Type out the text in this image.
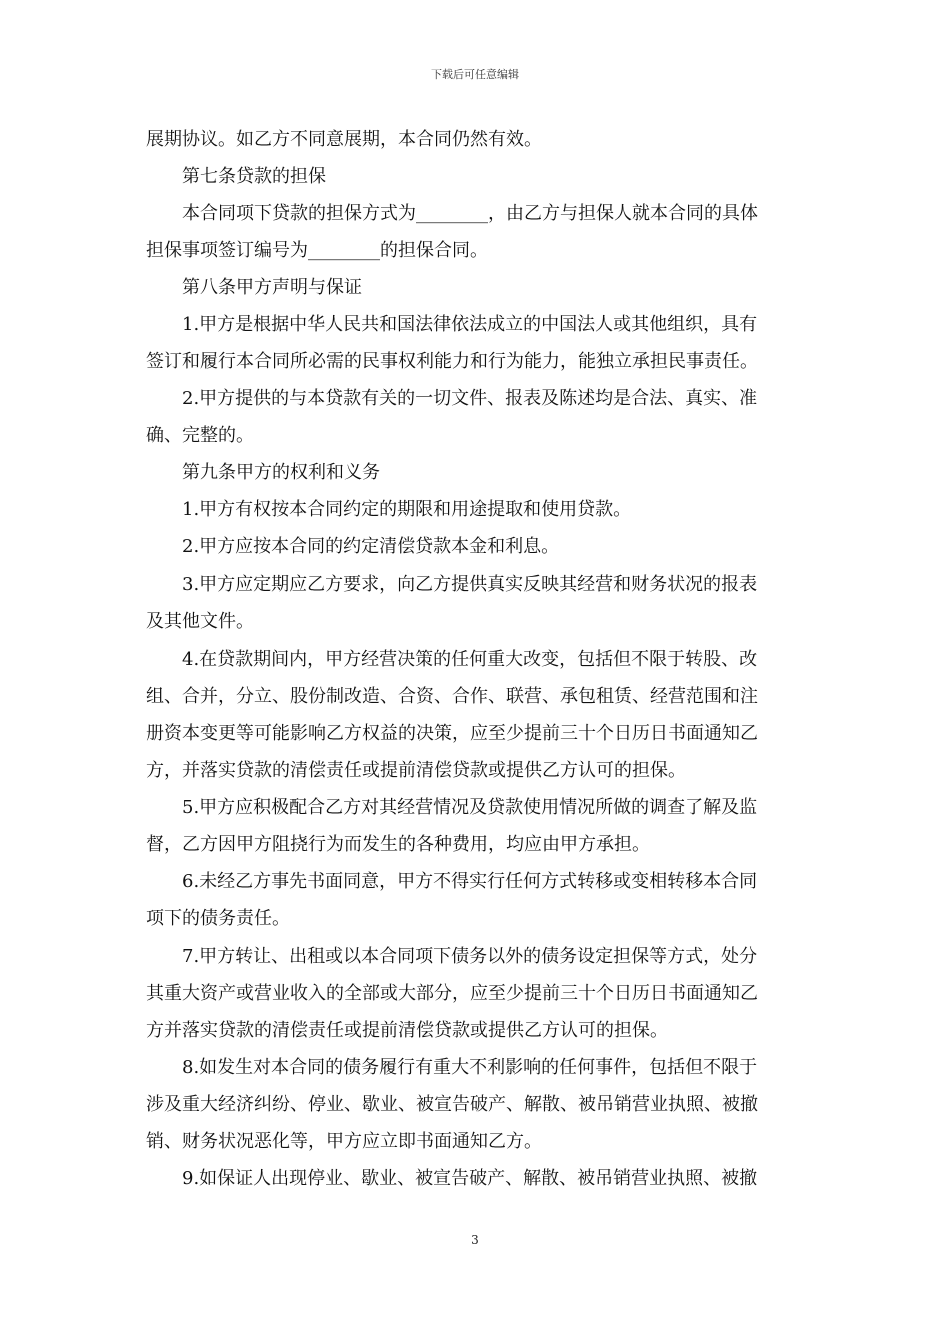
下载后可任意编辑
展期协议。如乙方不同意展期，本合同仍然有效。
第七条贷款的担保
本合同项下贷款的担保方式为________，由乙方与担保人就本合同的具体
担保事项签订编号为________的担保合同。
第八条甲方声明与保证
1.甲方是根据中华人民共和国法律依法成立的中国法人或其他组织，具有
签订和履行本合同所必需的民事权利能力和行为能力，能独立承担民事责任。
2.甲方提供的与本贷款有关的一切文件、报表及陈述均是合法、真实、准
确、完整的。
第九条甲方的权利和义务
1.甲方有权按本合同约定的期限和用途提取和使用贷款。
2.甲方应按本合同的约定清偿贷款本金和利息。
3.甲方应定期应乙方要求，向乙方提供真实反映其经营和财务状况的报表
及其他文件。
4.在贷款期间内，甲方经营决策的任何重大改变，包括但不限于转股、改
组、合并，分立、股份制改造、合资、合作、联营、承包租赁、经营范围和注
册资本变更等可能影响乙方权益的决策，应至少提前三十个日历日书面通知乙
方，并落实贷款的清偿责任或提前清偿贷款或提供乙方认可的担保。
5.甲方应积极配合乙方对其经营情况及贷款使用情况所做的调查了解及监
督，乙方因甲方阻挠行为而发生的各种费用，均应由甲方承担。
6.未经乙方事先书面同意，甲方不得实行任何方式转移或变相转移本合同
项下的债务责任。
7.甲方转让、出租或以本合同项下债务以外的债务设定担保等方式，处分
其重大资产或营业收入的全部或大部分，应至少提前三十个日历日书面通知乙
方并落实贷款的清偿责任或提前清偿贷款或提供乙方认可的担保。
8.如发生对本合同的债务履行有重大不利影响的任何事件，包括但不限于
涉及重大经济纠纷、停业、歇业、被宣告破产、解散、被吊销营业执照、被撤
销、财务状况恶化等，甲方应立即书面通知乙方。
9.如保证人出现停业、歇业、被宣告破产、解散、被吊销营业执照、被撤
3
